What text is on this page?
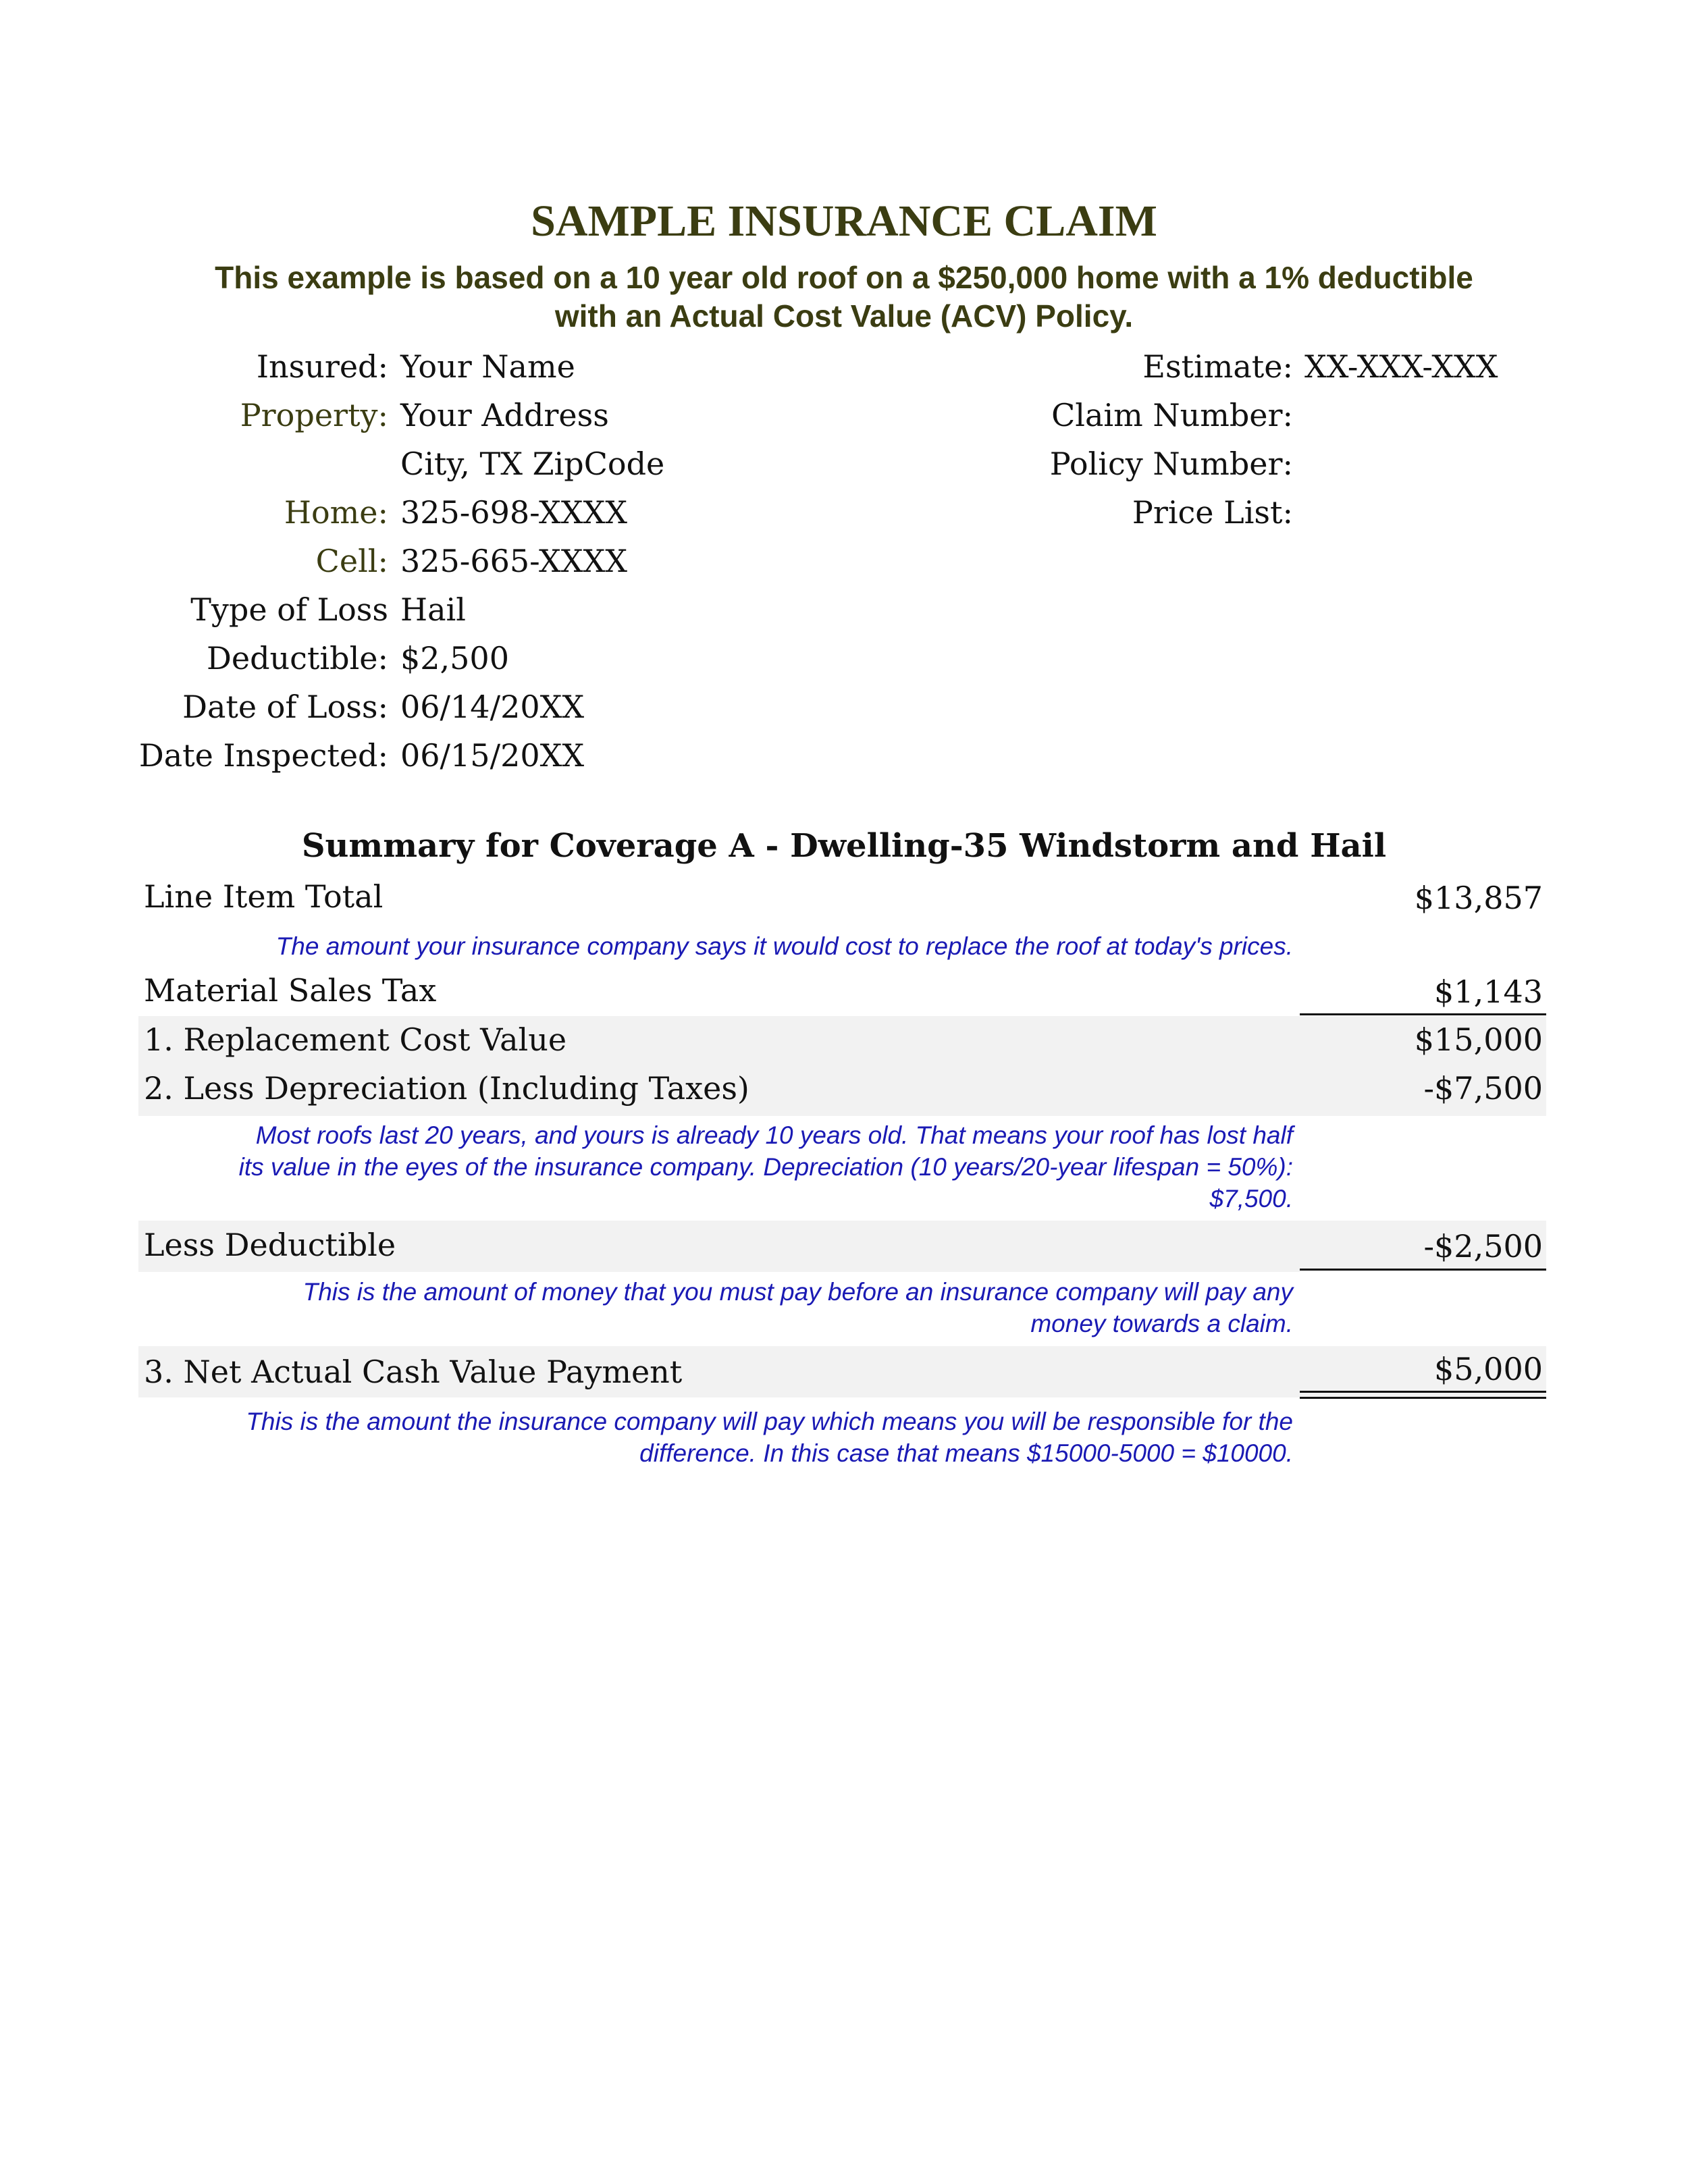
SAMPLE INSURANCE CLAIM
This example is based on a 10 year old roof on a $250,000 home with a 1% deductible
with an Actual Cost Value (ACV) Policy.
Insured: Your Name
Property: Your Address
City, TX ZipCode
Home: 325-698-XXXX
Cell: 325-665-XXXX
Type of Loss Hail
Deductible: $2,500
Date of Loss: 06/14/20XX
Date Inspected: 06/15/20XX
Estimate: XX-XXX-XXX
Claim Number:
Policy Number:
Price List:
Summary for Coverage A - Dwelling-35 Windstorm and Hail
Line Item Total	$13,857
The amount your insurance company says it would cost to replace the roof at today's prices.
Material Sales Tax	$1,143
1. Replacement Cost Value	$15,000
2. Less Depreciation (Including Taxes)	-$7,500
Most roofs last 20 years, and yours is already 10 years old. That means your roof has lost half
its value in the eyes of the insurance company. Depreciation (10 years/20-year lifespan = 50%):
$7,500.
Less Deductible	-$2,500
This is the amount of money that you must pay before an insurance company will pay any
money towards a claim.
3. Net Actual Cash Value Payment	$5,000
This is the amount the insurance company will pay which means you will be responsible for the
difference. In this case that means $15000-5000 = $10000.
